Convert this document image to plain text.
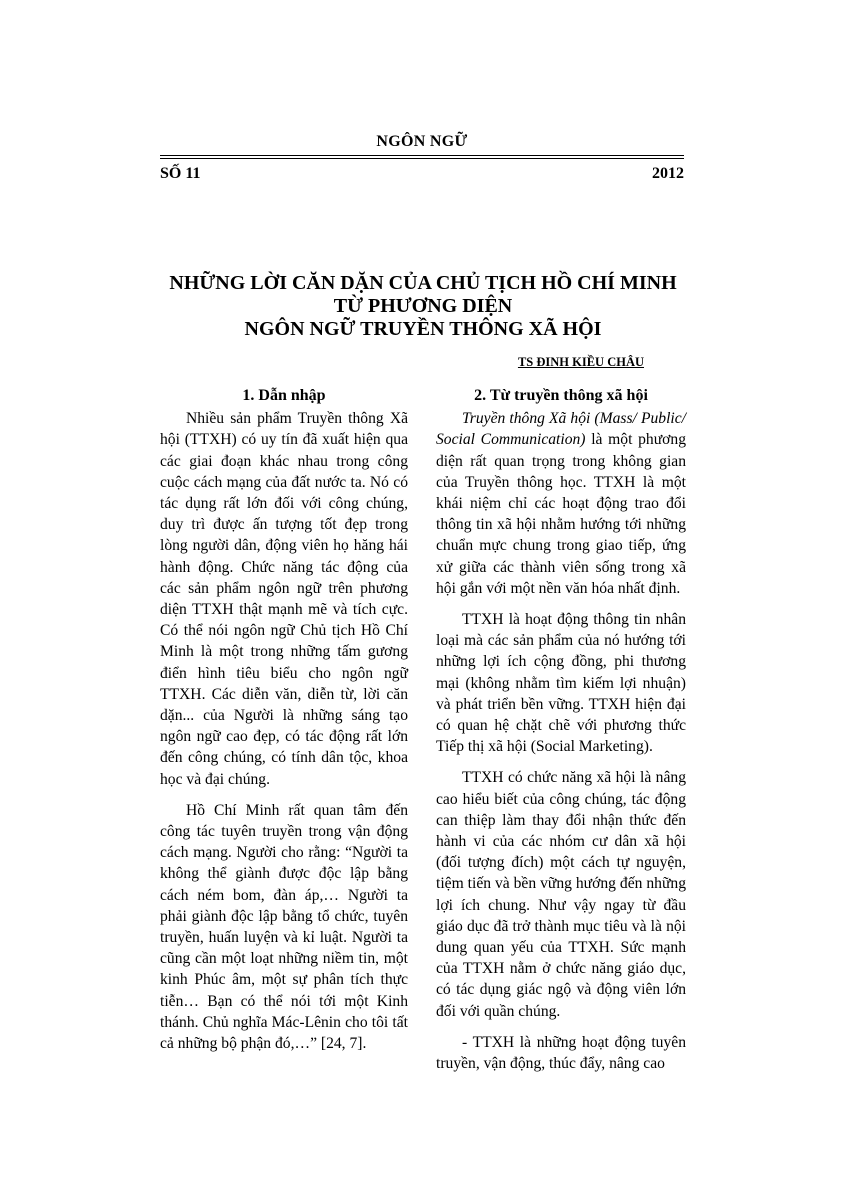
NGÔN NGỮ
SỐ 11	2012
NHỮNG LỜI CĂN DẶN CỦA CHỦ TỊCH HỒ CHÍ MINH
TỪ PHƯƠNG DIỆN
NGÔN NGỮ TRUYỀN THÔNG XÃ HỘI
TS ĐINH KIỀU CHÂU
1. Dẫn nhập

Nhiều sản phẩm Truyền thông Xã hội (TTXH) có uy tín đã xuất hiện qua các giai đoạn khác nhau trong công cuộc cách mạng của đất nước ta. Nó có tác dụng rất lớn đối với công chúng, duy trì được ấn tượng tốt đẹp trong lòng người dân, động viên họ hăng hái hành động. Chức năng tác động của các sản phẩm ngôn ngữ trên phương diện TTXH thật mạnh mẽ và tích cực. Có thể nói ngôn ngữ Chủ tịch Hồ Chí Minh là một trong những tấm gương điển hình tiêu biểu cho ngôn ngữ TTXH. Các diễn văn, diễn từ, lời căn dặn... của Người là những sáng tạo ngôn ngữ cao đẹp, có tác động rất lớn đến công chúng, có tính dân tộc, khoa học và đại chúng.

Hồ Chí Minh rất quan tâm đến công tác tuyên truyền trong vận động cách mạng. Người cho rằng: “Người ta không thể giành được độc lập bằng cách ném bom, đàn áp,… Người ta phải giành độc lập bằng tổ chức, tuyên truyền, huấn luyện và kỉ luật. Người ta cũng cần một loạt những niềm tin, một kinh Phúc âm, một sự phân tích thực tiễn… Bạn có thể nói tới một Kinh thánh. Chủ nghĩa Mác-Lênin cho tôi tất cả những bộ phận đó,…” [24, 7].

2. Từ truyền thông xã hội

Truyền thông Xã hội (Mass/ Public/ Social Communication) là một phương diện rất quan trọng trong không gian của Truyền thông học. TTXH là một khái niệm chỉ các hoạt động trao đổi thông tin xã hội nhằm hướng tới những chuẩn mực chung trong giao tiếp, ứng xử giữa các thành viên sống trong xã hội gắn với một nền văn hóa nhất định.

TTXH là hoạt động thông tin nhân loại mà các sản phẩm của nó hướng tới những lợi ích cộng đồng, phi thương mại (không nhằm tìm kiếm lợi nhuận) và phát triển bền vững. TTXH hiện đại có quan hệ chặt chẽ với phương thức Tiếp thị xã hội (Social Marketing).

TTXH có chức năng xã hội là nâng cao hiểu biết của công chúng, tác động can thiệp làm thay đổi nhận thức đến hành vi của các nhóm cư dân xã hội (đối tượng đích) một cách tự nguyện, tiệm tiến và bền vững hướng đến những lợi ích chung. Như vậy ngay từ đầu giáo dục đã trở thành mục tiêu và là nội dung quan yếu của TTXH. Sức mạnh của TTXH nằm ở chức năng giáo dục, có tác dụng giác ngộ và động viên lớn đối với quần chúng.

- TTXH là những hoạt động tuyên truyền, vận động, thúc đẩy, nâng cao
